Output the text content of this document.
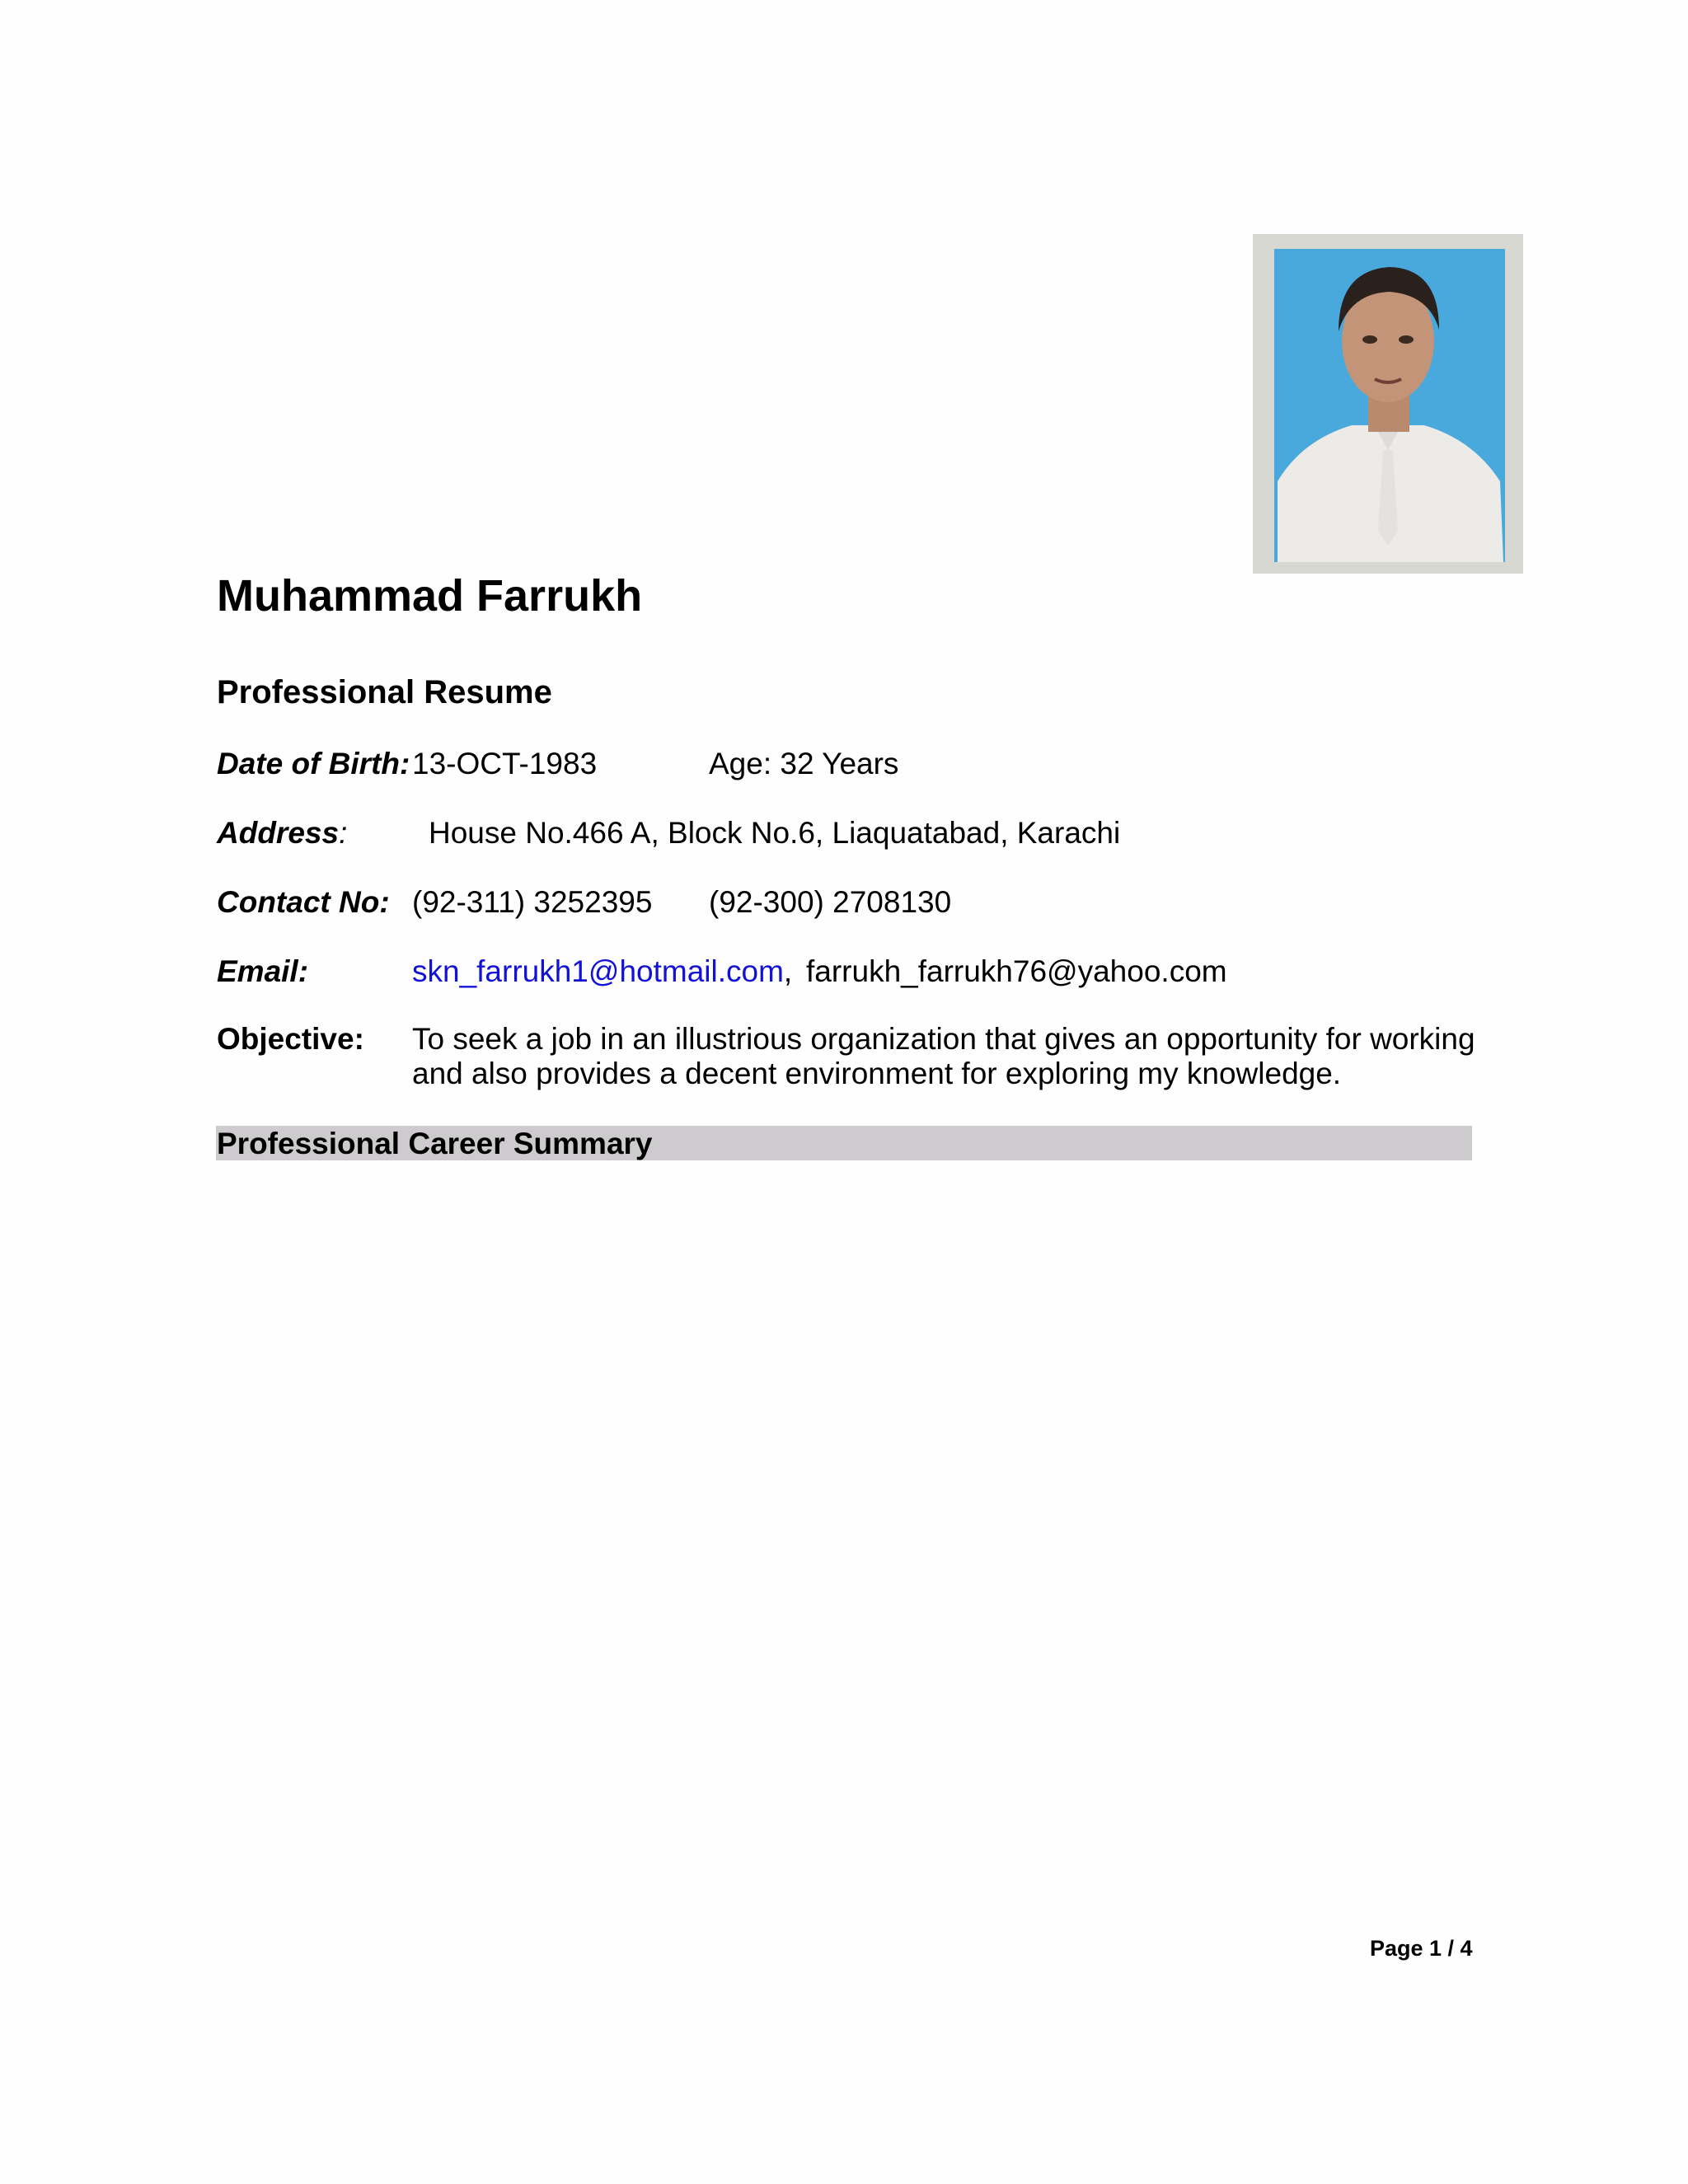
Muhammad Farrukh
Professional Resume
Date of Birth: 13-OCT-1983	Age: 32 Years
Address:	House No.466 A, Block No.6, Liaquatabad, Karachi
Contact No: (92-311) 3252395 (92-300) 2708130
Email:	skn_farrukh1@hotmail.com, farrukh_farrukh76@yahoo.com
Objective: To seek a job in an illustrious organization that gives an opportunity for working and also provides a decent environment for exploring my knowledge.
Professional Career Summary
Page 1 / 4
